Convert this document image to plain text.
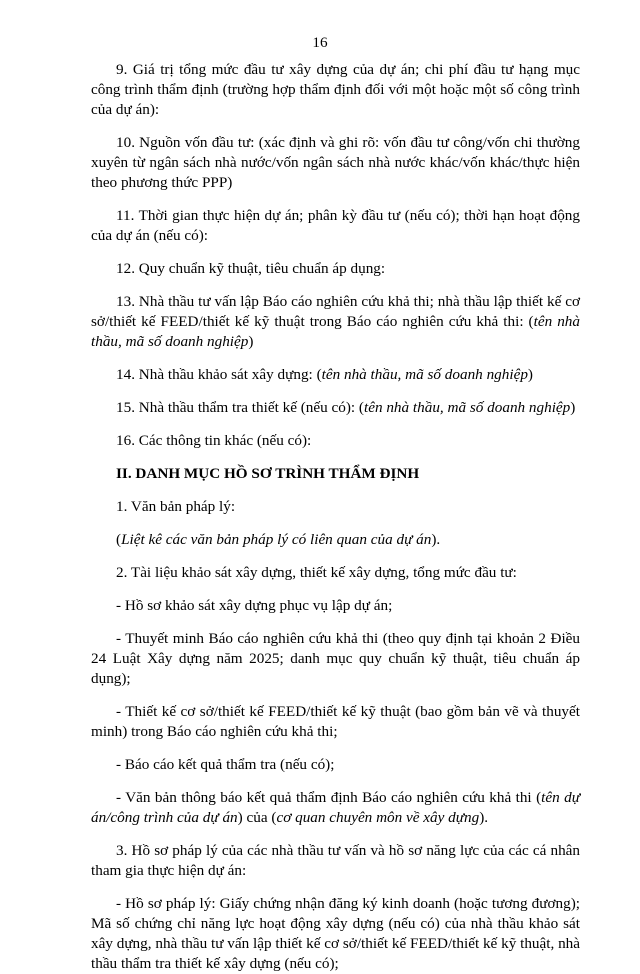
16

9. Giá trị tổng mức đầu tư xây dựng của dự án; chi phí đầu tư hạng mục công trình thẩm định (trường hợp thẩm định đối với một hoặc một số công trình của dự án):

10. Nguồn vốn đầu tư: (xác định và ghi rõ: vốn đầu tư công/vốn chi thường xuyên từ ngân sách nhà nước/vốn ngân sách nhà nước khác/vốn khác/thực hiện theo phương thức PPP)

11. Thời gian thực hiện dự án; phân kỳ đầu tư (nếu có); thời hạn hoạt động của dự án (nếu có):

12. Quy chuẩn kỹ thuật, tiêu chuẩn áp dụng:

13. Nhà thầu tư vấn lập Báo cáo nghiên cứu khả thi; nhà thầu lập thiết kế cơ sở/thiết kế FEED/thiết kế kỹ thuật trong Báo cáo nghiên cứu khả thi: (tên nhà thầu, mã số doanh nghiệp)

14. Nhà thầu khảo sát xây dựng: (tên nhà thầu, mã số doanh nghiệp)

15. Nhà thầu thẩm tra thiết kế (nếu có): (tên nhà thầu, mã số doanh nghiệp)

16. Các thông tin khác (nếu có):

II. DANH MỤC HỒ SƠ TRÌNH THẨM ĐỊNH

1. Văn bản pháp lý:

(Liệt kê các văn bản pháp lý có liên quan của dự án).

2. Tài liệu khảo sát xây dựng, thiết kế xây dựng, tổng mức đầu tư:

- Hồ sơ khảo sát xây dựng phục vụ lập dự án;

- Thuyết minh Báo cáo nghiên cứu khả thi (theo quy định tại khoản 2 Điều 24 Luật Xây dựng năm 2025; danh mục quy chuẩn kỹ thuật, tiêu chuẩn áp dụng);

- Thiết kế cơ sở/thiết kế FEED/thiết kế kỹ thuật (bao gồm bản vẽ và thuyết minh) trong Báo cáo nghiên cứu khả thi;

- Báo cáo kết quả thẩm tra (nếu có);

- Văn bản thông báo kết quả thẩm định Báo cáo nghiên cứu khả thi (tên dự án/công trình của dự án) của (cơ quan chuyên môn về xây dựng).

3. Hồ sơ pháp lý của các nhà thầu tư vấn và hồ sơ năng lực của các cá nhân tham gia thực hiện dự án:

- Hồ sơ pháp lý: Giấy chứng nhận đăng ký kinh doanh (hoặc tương đương); Mã số chứng chỉ năng lực hoạt động xây dựng (nếu có) của nhà thầu khảo sát xây dựng, nhà thầu tư vấn lập thiết kế cơ sở/thiết kế FEED/thiết kế kỹ thuật, nhà thầu thẩm tra thiết kế xây dựng (nếu có);
